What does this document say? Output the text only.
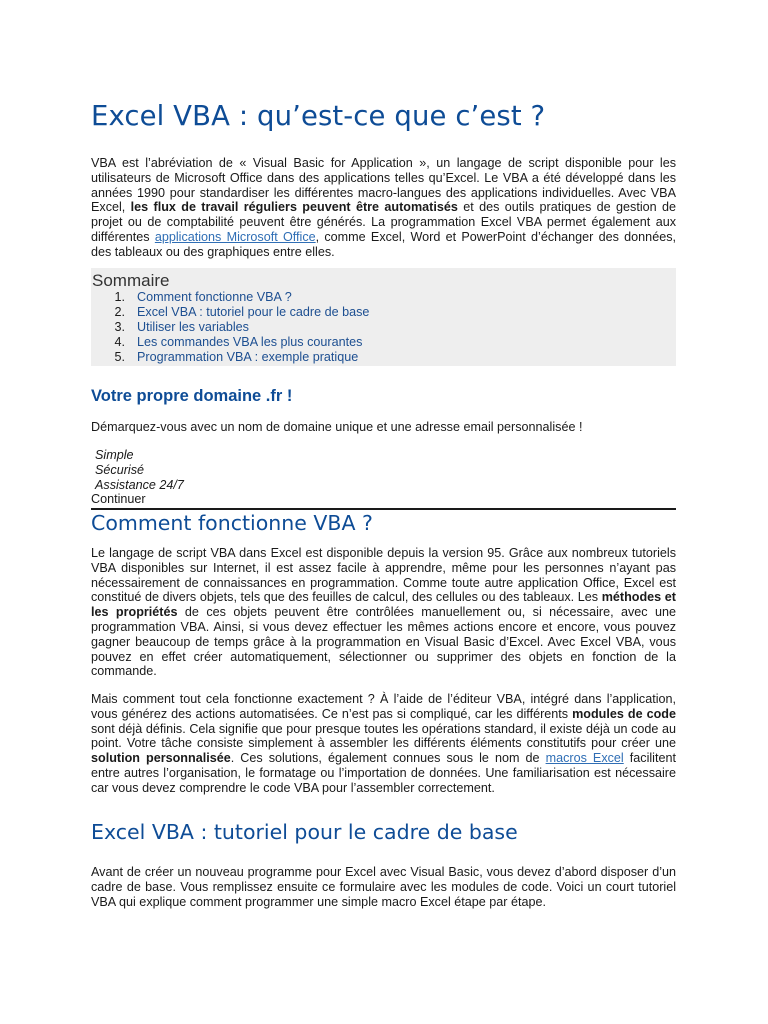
Excel VBA : qu’est-ce que c’est ?

VBA est l’abréviation de « Visual Basic for Application », un langage de script disponible pour les utilisateurs de Microsoft Office dans des applications telles qu’Excel. Le VBA a été développé dans les années 1990 pour standardiser les différentes macro-langues des applications individuelles. Avec VBA Excel, les flux de travail réguliers peuvent être automatisés et des outils pratiques de gestion de projet ou de comptabilité peuvent être générés. La programmation Excel VBA permet également aux différentes applications Microsoft Office, comme Excel, Word et PowerPoint d’échanger des données, des tableaux ou des graphiques entre elles.

Sommaire
1. Comment fonctionne VBA ?
2. Excel VBA : tutoriel pour le cadre de base
3. Utiliser les variables
4. Les commandes VBA les plus courantes
5. Programmation VBA : exemple pratique
Votre propre domaine .fr !
Démarquez-vous avec un nom de domaine unique et une adresse email personnalisée !
Simple
Sécurisé
Assistance 24/7
Continuer
Comment fonctionne VBA ?

Le langage de script VBA dans Excel est disponible depuis la version 95. Grâce aux nombreux tutoriels VBA disponibles sur Internet, il est assez facile à apprendre, même pour les personnes n’ayant pas nécessairement de connaissances en programmation. Comme toute autre application Office, Excel est constitué de divers objets, tels que des feuilles de calcul, des cellules ou des tableaux. Les méthodes et les propriétés de ces objets peuvent être contrôlées manuellement ou, si nécessaire, avec une programmation VBA. Ainsi, si vous devez effectuer les mêmes actions encore et encore, vous pouvez gagner beaucoup de temps grâce à la programmation en Visual Basic d’Excel. Avec Excel VBA, vous pouvez en effet créer automatiquement, sélectionner ou supprimer des objets en fonction de la commande.

Mais comment tout cela fonctionne exactement ? À l’aide de l’éditeur VBA, intégré dans l’application, vous générez des actions automatisées. Ce n’est pas si compliqué, car les différents modules de code sont déjà définis. Cela signifie que pour presque toutes les opérations standard, il existe déjà un code au point. Votre tâche consiste simplement à assembler les différents éléments constitutifs pour créer une solution personnalisée. Ces solutions, également connues sous le nom de macros Excel facilitent entre autres l’organisation, le formatage ou l’importation de données. Une familiarisation est nécessaire car vous devez comprendre le code VBA pour l’assembler correctement.

Excel VBA : tutoriel pour le cadre de base

Avant de créer un nouveau programme pour Excel avec Visual Basic, vous devez d’abord disposer d’un cadre de base. Vous remplissez ensuite ce formulaire avec les modules de code. Voici un court tutoriel VBA qui explique comment programmer une simple macro Excel étape par étape.
